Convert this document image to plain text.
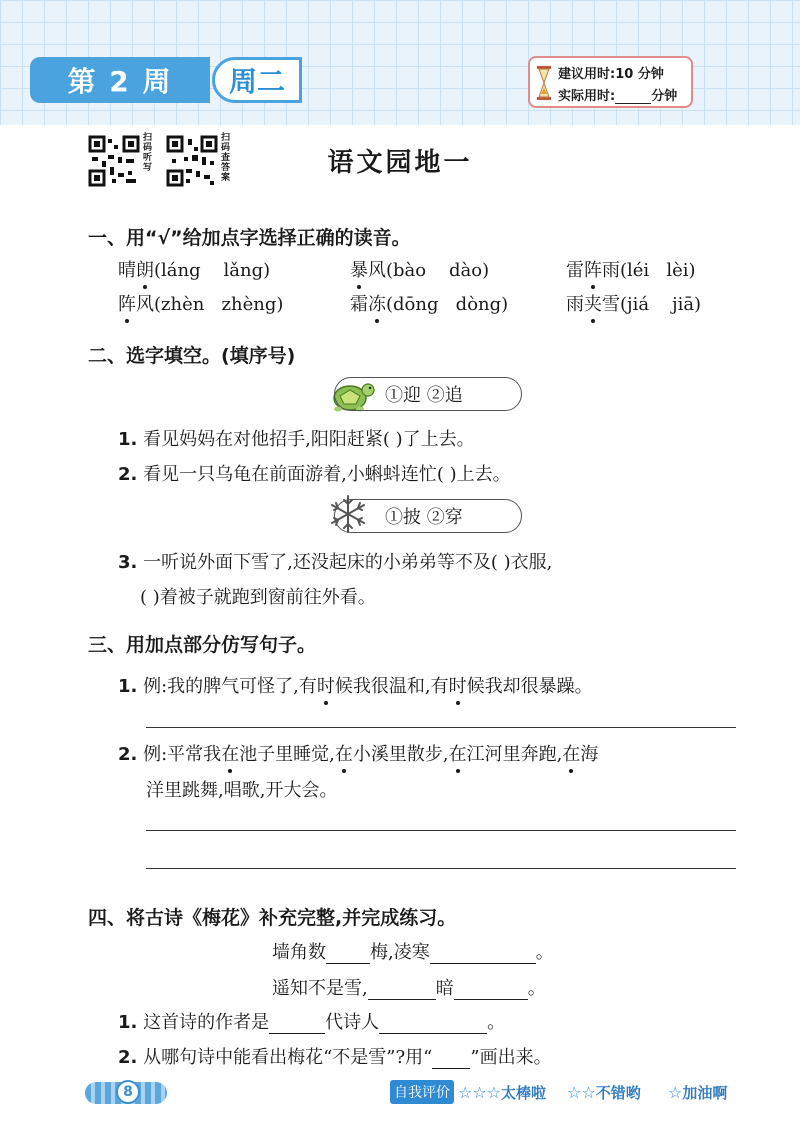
第 2 周	周二	建议用时:10 分钟
实际用时:	分钟
扫码听写
扫码查答案	语文园地一
一、用“√”给加点字选择正确的读音。
晴朗(láng lǎng)	暴风(bào dào)	雷阵雨(léi lèi)
阵风(zhèn zhèng)	霜冻(dōng dòng)	雨夹雪(jiá jiā)
二、选字填空。(填序号)
①迎 ②追
1. 看见妈妈在对他招手,阳阳赶紧( )了上去。
2. 看见一只乌龟在前面游着,小蝌蚪连忙( )上去。
①披 ②穿
3. 一听说外面下雪了,还没起床的小弟弟等不及( )衣服,
( )着被子就跑到窗前往外看。
三、用加点部分仿写句子。
1. 例:我的脾气可怪了,有时候我很温和,有时候我却很暴躁。
2. 例:平常我在池子里睡觉,在小溪里散步,在江河里奔跑,在海
洋里跳舞,唱歌,开大会。
四、将古诗《梅花》补充完整,并完成练习。
墙角数 梅,凌寒	。
遥知不是雪,	暗	。
1. 这首诗的作者是	代诗人	。
2. 从哪句诗中能看出梅花“不是雪”?用“ ”画出来。
8	自我评价 ☆☆☆太棒啦 ☆☆不错哟 ☆加油啊
